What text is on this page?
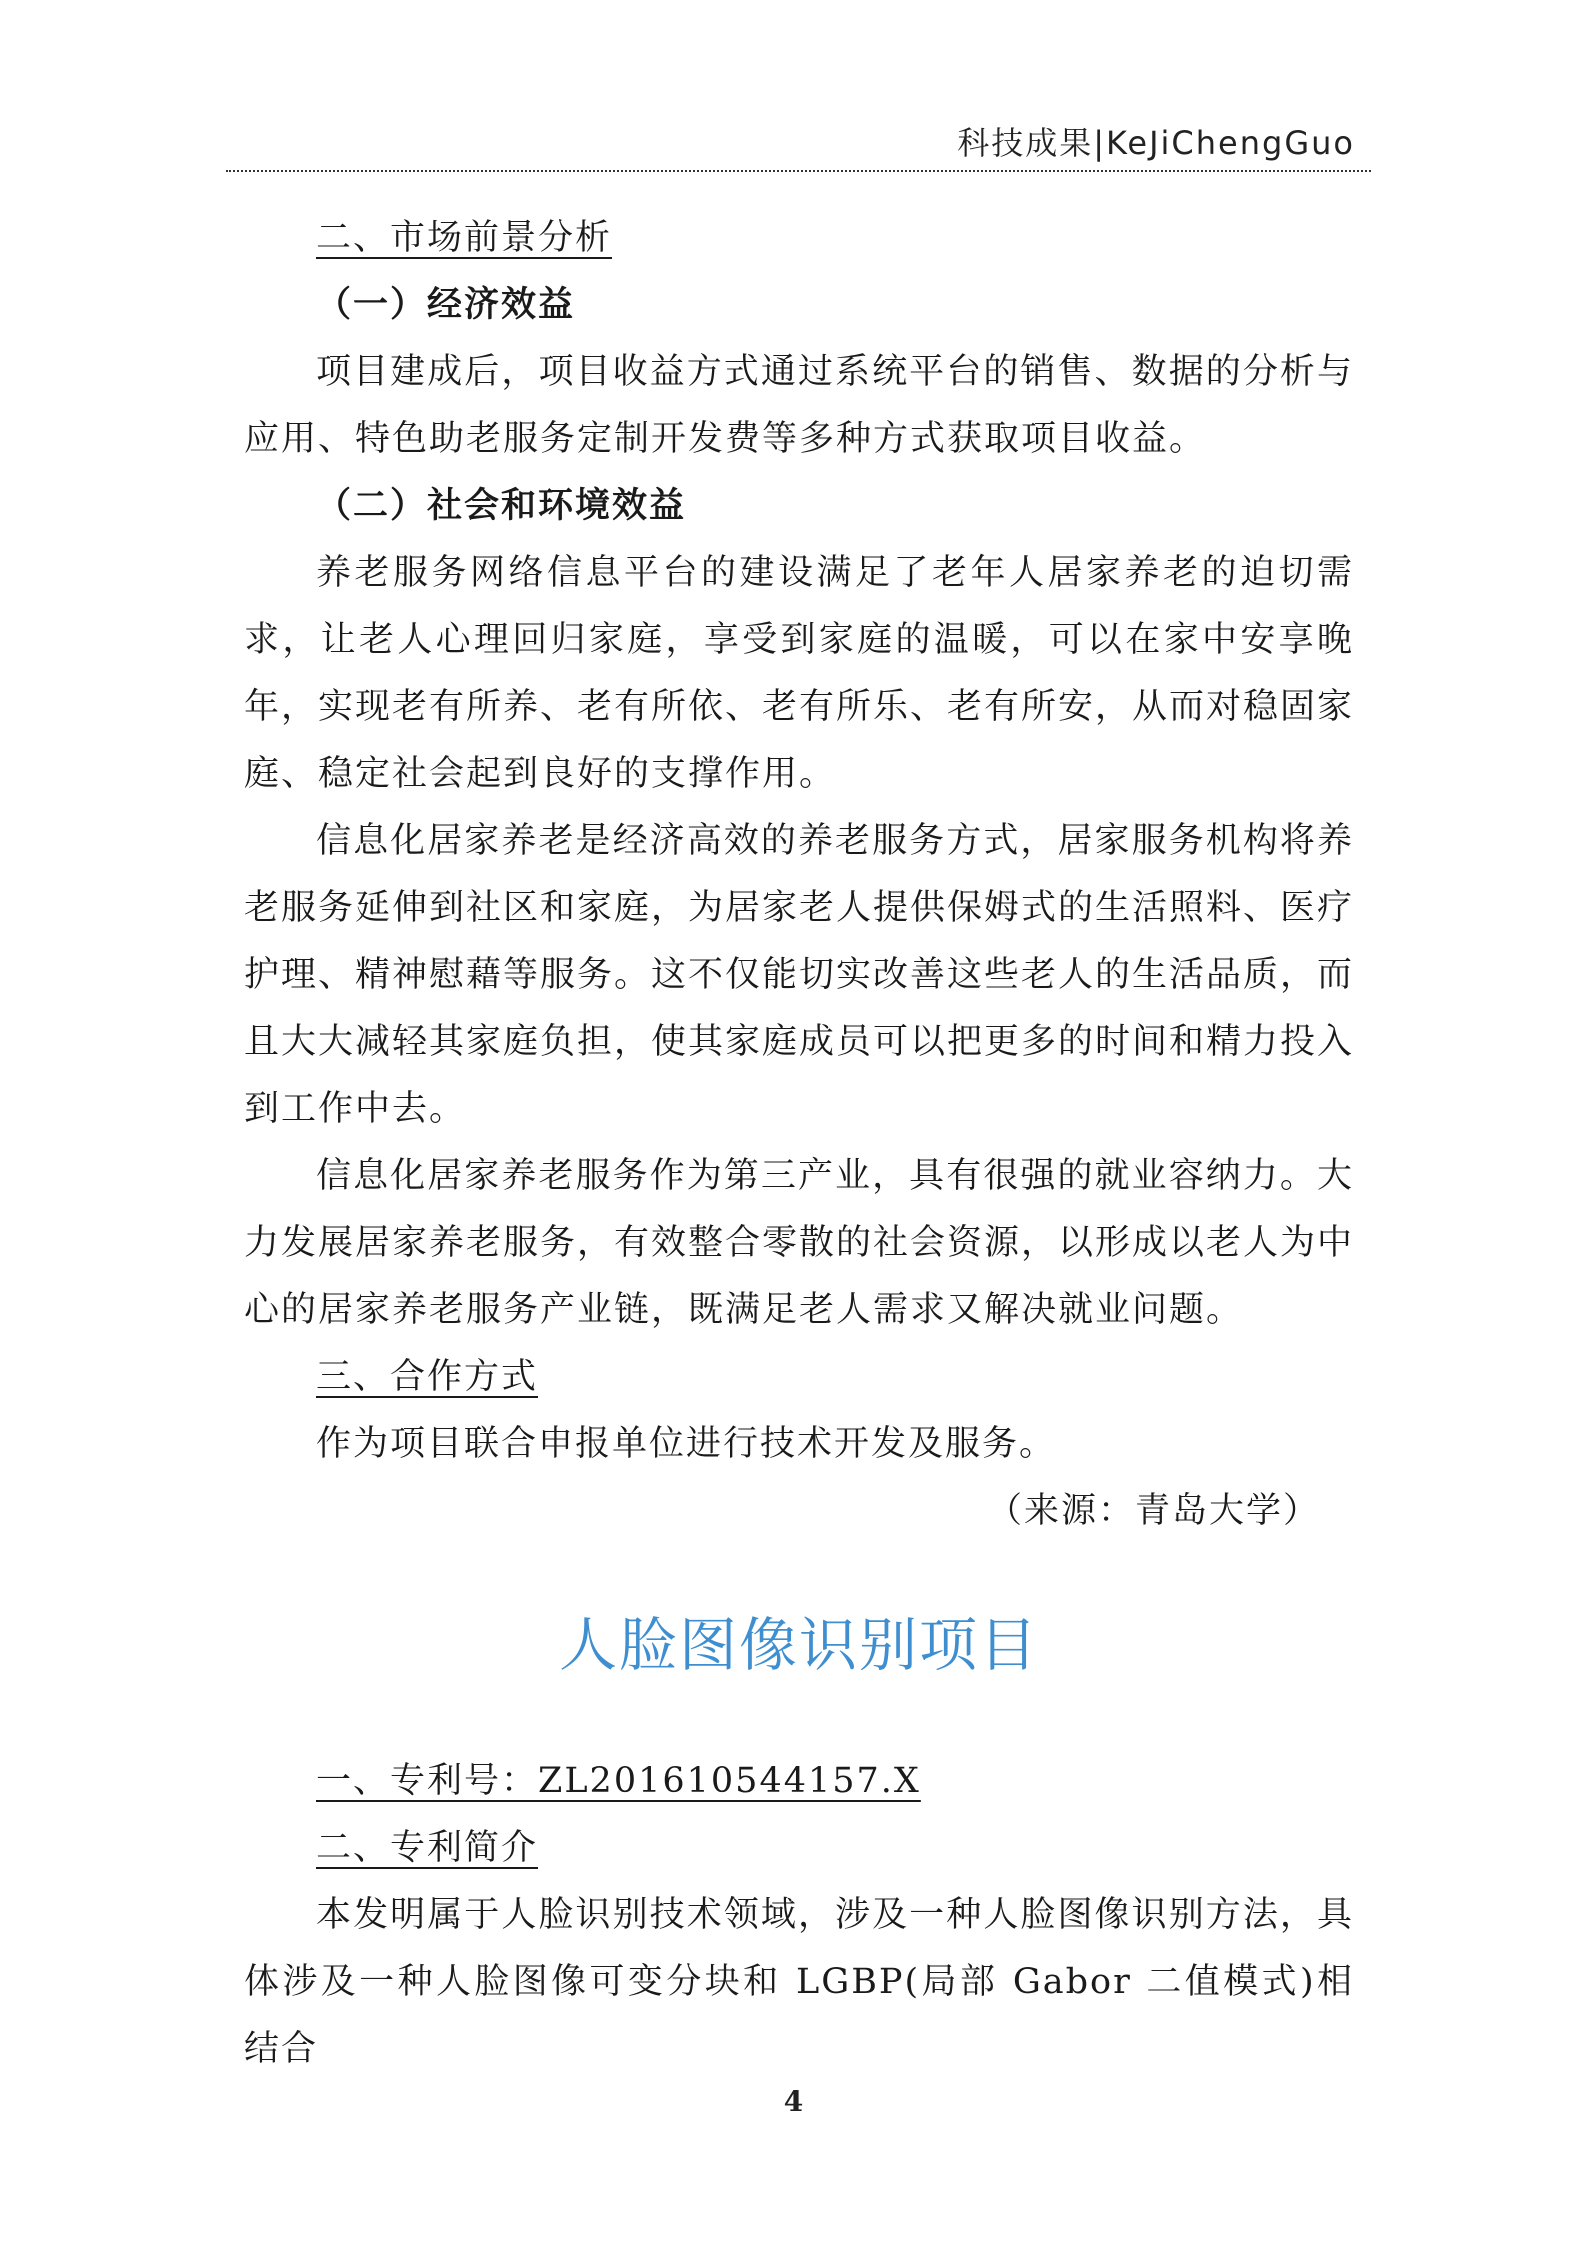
科技成果|KeJiChengGuo

二、市场前景分析

（一）经济效益

项目建成后，项目收益方式通过系统平台的销售、数据的分析与应用、特色助老服务定制开发费等多种方式获取项目收益。

（二）社会和环境效益

养老服务网络信息平台的建设满足了老年人居家养老的迫切需求，让老人心理回归家庭，享受到家庭的温暖，可以在家中安享晚年，实现老有所养、老有所依、老有所乐、老有所安，从而对稳固家庭、稳定社会起到良好的支撑作用。

信息化居家养老是经济高效的养老服务方式，居家服务机构将养老服务延伸到社区和家庭，为居家老人提供保姆式的生活照料、医疗护理、精神慰藉等服务。这不仅能切实改善这些老人的生活品质，而且大大减轻其家庭负担，使其家庭成员可以把更多的时间和精力投入到工作中去。

信息化居家养老服务作为第三产业，具有很强的就业容纳力。大力发展居家养老服务，有效整合零散的社会资源，以形成以老人为中心的居家养老服务产业链，既满足老人需求又解决就业问题。

三、合作方式

作为项目联合申报单位进行技术开发及服务。

（来源：青岛大学）

人脸图像识别项目

一、专利号：ZL201610544157.X

二、专利简介

本发明属于人脸识别技术领域，涉及一种人脸图像识别方法，具体涉及一种人脸图像可变分块和 LGBP(局部 Gabor 二值模式)相结合

4
